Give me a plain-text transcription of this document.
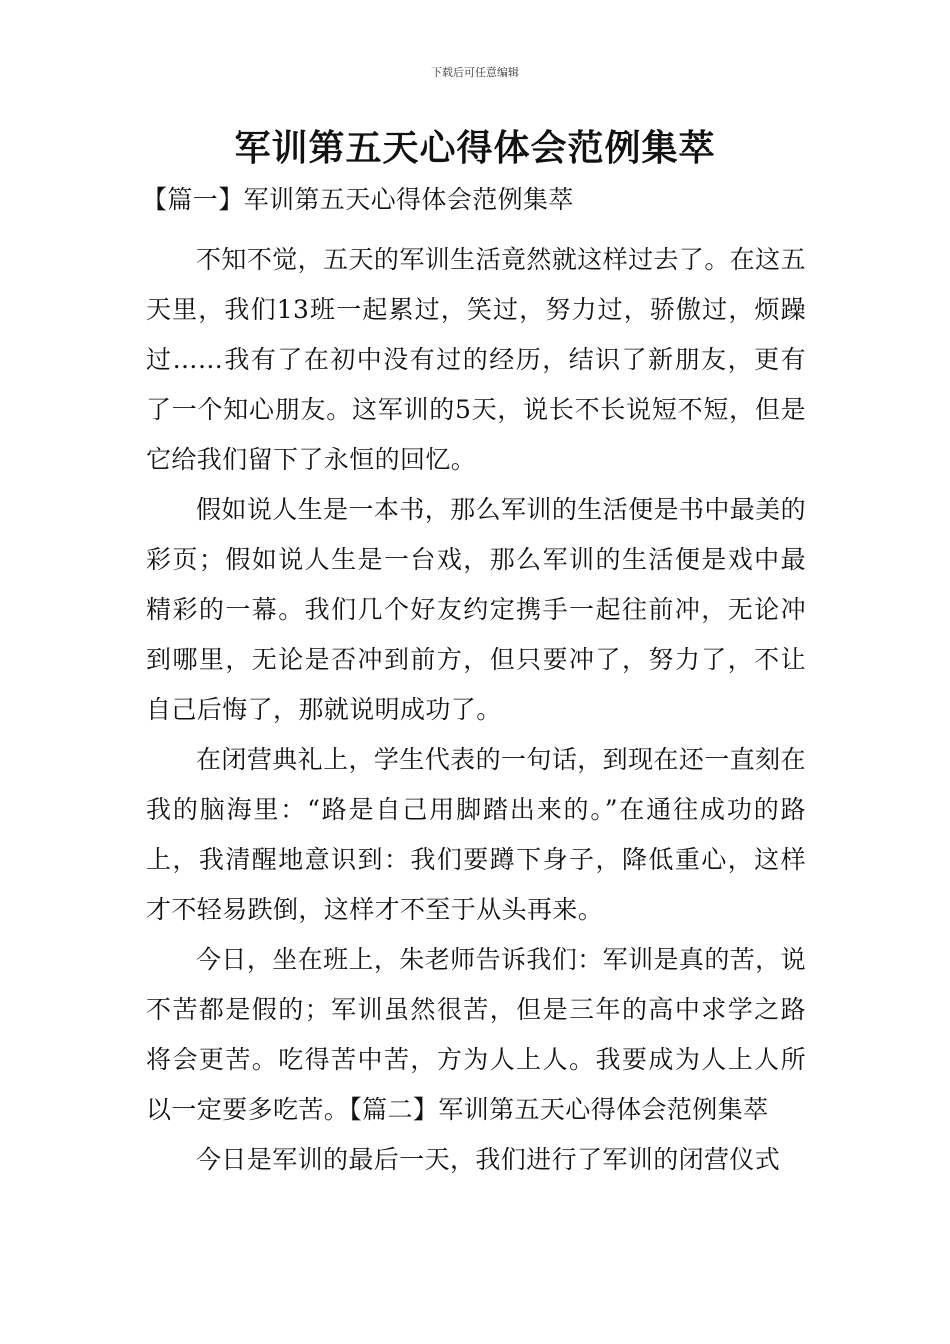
下载后可任意编辑
军训第五天心得体会范例集萃
【篇一】军训第五天心得体会范例集萃

不知不觉，五天的军训生活竟然就这样过去了。在这五天里，我们13班一起累过，笑过，努力过，骄傲过，烦躁过……我有了在初中没有过的经历，结识了新朋友，更有了一个知心朋友。这军训的5天，说长不长说短不短，但是它给我们留下了永恒的回忆。

假如说人生是一本书，那么军训的生活便是书中最美的彩页；假如说人生是一台戏，那么军训的生活便是戏中最精彩的一幕。我们几个好友约定携手一起往前冲，无论冲到哪里，无论是否冲到前方，但只要冲了，努力了，不让自己后悔了，那就说明成功了。

在闭营典礼上，学生代表的一句话，到现在还一直刻在我的脑海里：“路是自己用脚踏出来的。”在通往成功的路上，我清醒地意识到：我们要蹲下身子，降低重心，这样才不轻易跌倒，这样才不至于从头再来。

今日，坐在班上，朱老师告诉我们：军训是真的苦，说不苦都是假的；军训虽然很苦，但是三年的高中求学之路将会更苦。吃得苦中苦，方为人上人。我要成为人上人所以一定要多吃苦。【篇二】军训第五天心得体会范例集萃

今日是军训的最后一天，我们进行了军训的闭营仪式
